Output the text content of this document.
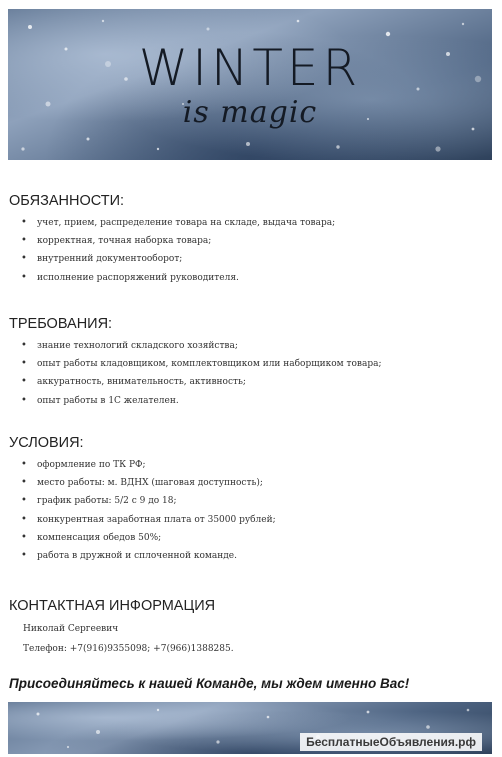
WINTER
is magic
ОБЯЗАННОСТИ:
• учет, прием, распределение товара на складе, выдача товара;
• корректная, точная наборка товара;
• внутренний документооборот;
• исполнение распоряжений руководителя.
ТРЕБОВАНИЯ:
• знание технологий складского хозяйства;
• опыт работы кладовщиком, комплектовщиком или наборщиком товара;
• аккуратность, внимательность, активность;
• опыт работы в 1С желателен.
УСЛОВИЯ:
• оформление по ТК РФ;
• место работы: м. ВДНХ (шаговая доступность);
• график работы: 5/2 с 9 до 18;
• конкурентная заработная плата от 35000 рублей;
• компенсация обедов 50%;
• работа в дружной и сплоченной команде.
КОНТАКТНАЯ ИНФОРМАЦИЯ
Николай Сергеевич
Телефон: +7(916)9355098; +7(966)1388285.
Присоединяйтесь к нашей Команде, мы ждем именно Вас!
БесплатныеОбъявления.рф
